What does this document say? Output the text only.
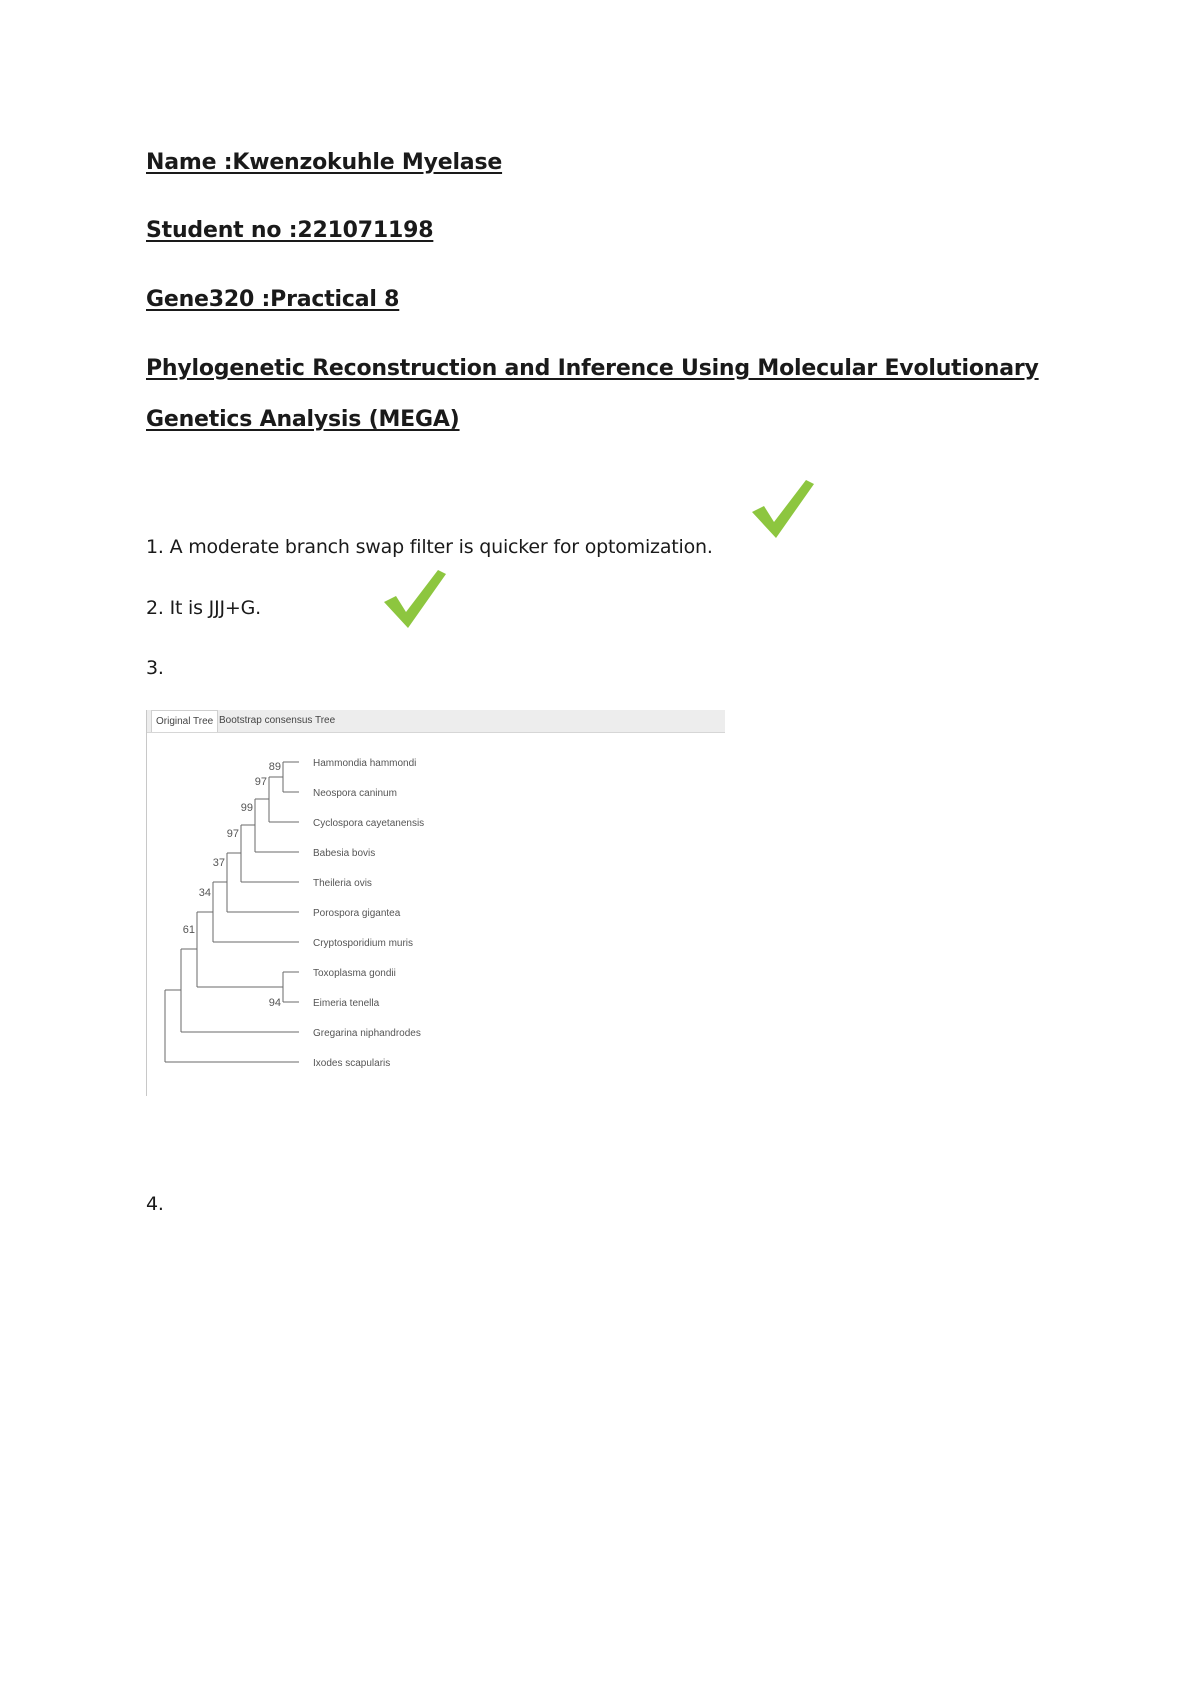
Name :Kwenzokuhle Myelase

Student no :221071198

Gene320 :Practical 8

Phylogenetic Reconstruction and Inference Using Molecular Evolutionary

Genetics Analysis (MEGA)

1. A moderate branch swap filter is quicker for optomization.

2. It is JJJ+G.

3.

4.

Original Tree Bootstrap consensus Tree
Hammondia hammondi
Neospora caninum
Cyclospora cayetanensis
Babesia bovis
Theileria ovis
Porospora gigantea
Cryptosporidium muris
Toxoplasma gondii
Eimeria tenella
Gregarina niphandrodes
Ixodes scapularis
89
97
99
97
37
34
61
94
